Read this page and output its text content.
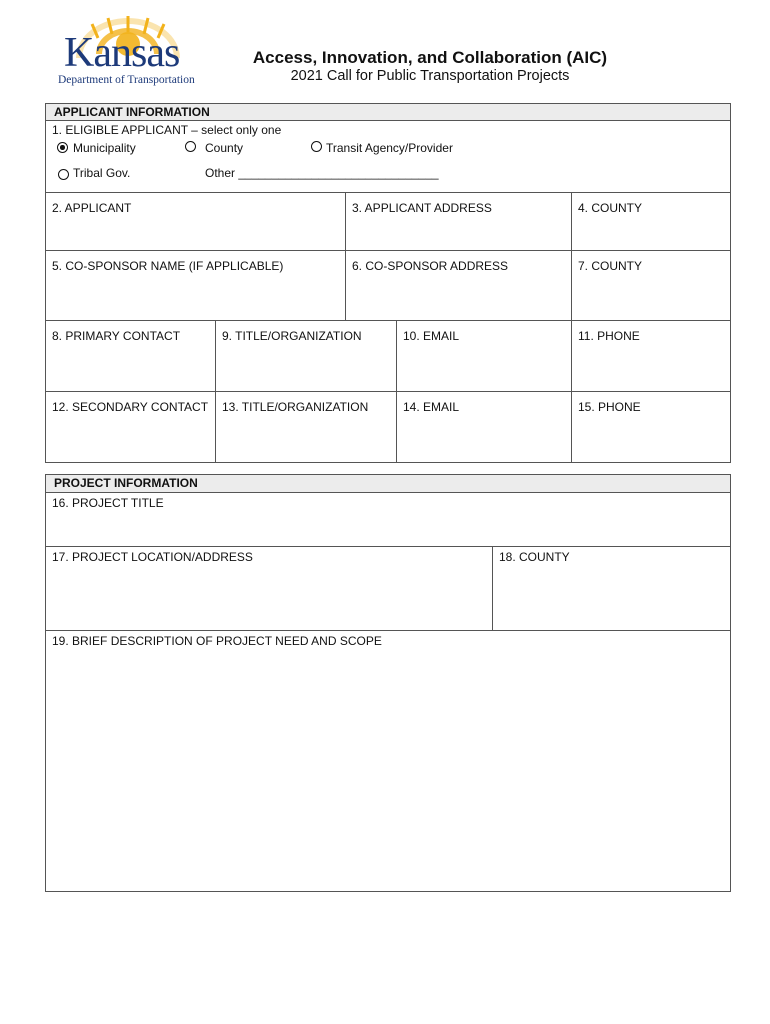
Kansas
Department of Transportation
Access, Innovation, and Collaboration (AIC)
2021 Call for Public Transportation Projects
APPLICANT INFORMATION
1. ELIGIBLE APPLICANT – select only one
Municipality	County	Transit Agency/Provider
Tribal Gov.	Other ______________________________
2. APPLICANT	3. APPLICANT ADDRESS	4. COUNTY
5. CO-SPONSOR NAME (IF APPLICABLE)	6. CO-SPONSOR ADDRESS	7. COUNTY
8. PRIMARY CONTACT	9. TITLE/ORGANIZATION	10. EMAIL	11. PHONE
12. SECONDARY CONTACT	13. TITLE/ORGANIZATION	14. EMAIL	15. PHONE
PROJECT INFORMATION
16. PROJECT TITLE
17. PROJECT LOCATION/ADDRESS	18. COUNTY
19. BRIEF DESCRIPTION OF PROJECT NEED AND SCOPE
